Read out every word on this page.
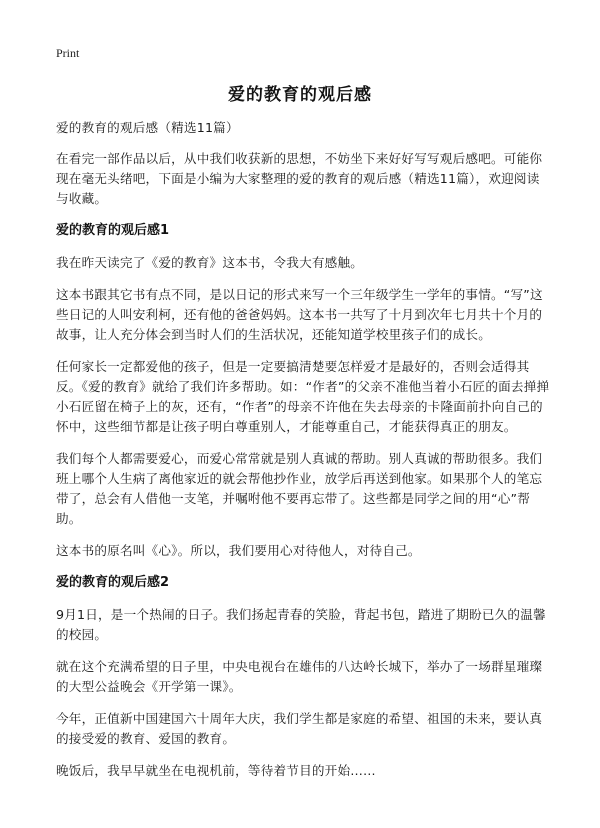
Print
爱的教育的观后感

爱的教育的观后感（精选11篇）

在看完一部作品以后，从中我们收获新的思想，不妨坐下来好好写写观后感吧。可能你现在毫无头绪吧，下面是小编为大家整理的爱的教育的观后感（精选11篇），欢迎阅读与收藏。

爱的教育的观后感1

我在昨天读完了《爱的教育》这本书，令我大有感触。

这本书跟其它书有点不同，是以日记的形式来写一个三年级学生一学年的事情。“写”这些日记的人叫安利柯，还有他的爸爸妈妈。这本书一共写了十月到次年七月共十个月的故事，让人充分体会到当时人们的生活状况，还能知道学校里孩子们的成长。

任何家长一定都爱他的孩子，但是一定要搞清楚要怎样爱才是最好的，否则会适得其反。《爱的教育》就给了我们许多帮助。如：“作者”的父亲不准他当着小石匠的面去掸掸小石匠留在椅子上的灰，还有，“作者”的母亲不许他在失去母亲的卡隆面前扑向自己的怀中，这些细节都是让孩子明白尊重别人，才能尊重自己，才能获得真正的朋友。

我们每个人都需要爱心，而爱心常常就是别人真诚的帮助。别人真诚的帮助很多。我们班上哪个人生病了离他家近的就会帮他抄作业，放学后再送到他家。如果那个人的笔忘带了，总会有人借他一支笔，并嘱咐他不要再忘带了。这些都是同学之间的用“心”帮助。

这本书的原名叫《心》。所以，我们要用心对待他人，对待自己。

爱的教育的观后感2

9月1日，是一个热闹的日子。我们扬起青春的笑脸，背起书包，踏进了期盼已久的温馨的校园。

就在这个充满希望的日子里，中央电视台在雄伟的八达岭长城下，举办了一场群星璀璨的大型公益晚会《开学第一课》。

今年，正值新中国建国六十周年大庆，我们学生都是家庭的希望、祖国的未来，要认真的接受爱的教育、爱国的教育。

晚饭后，我早早就坐在电视机前，等待着节目的开始……
